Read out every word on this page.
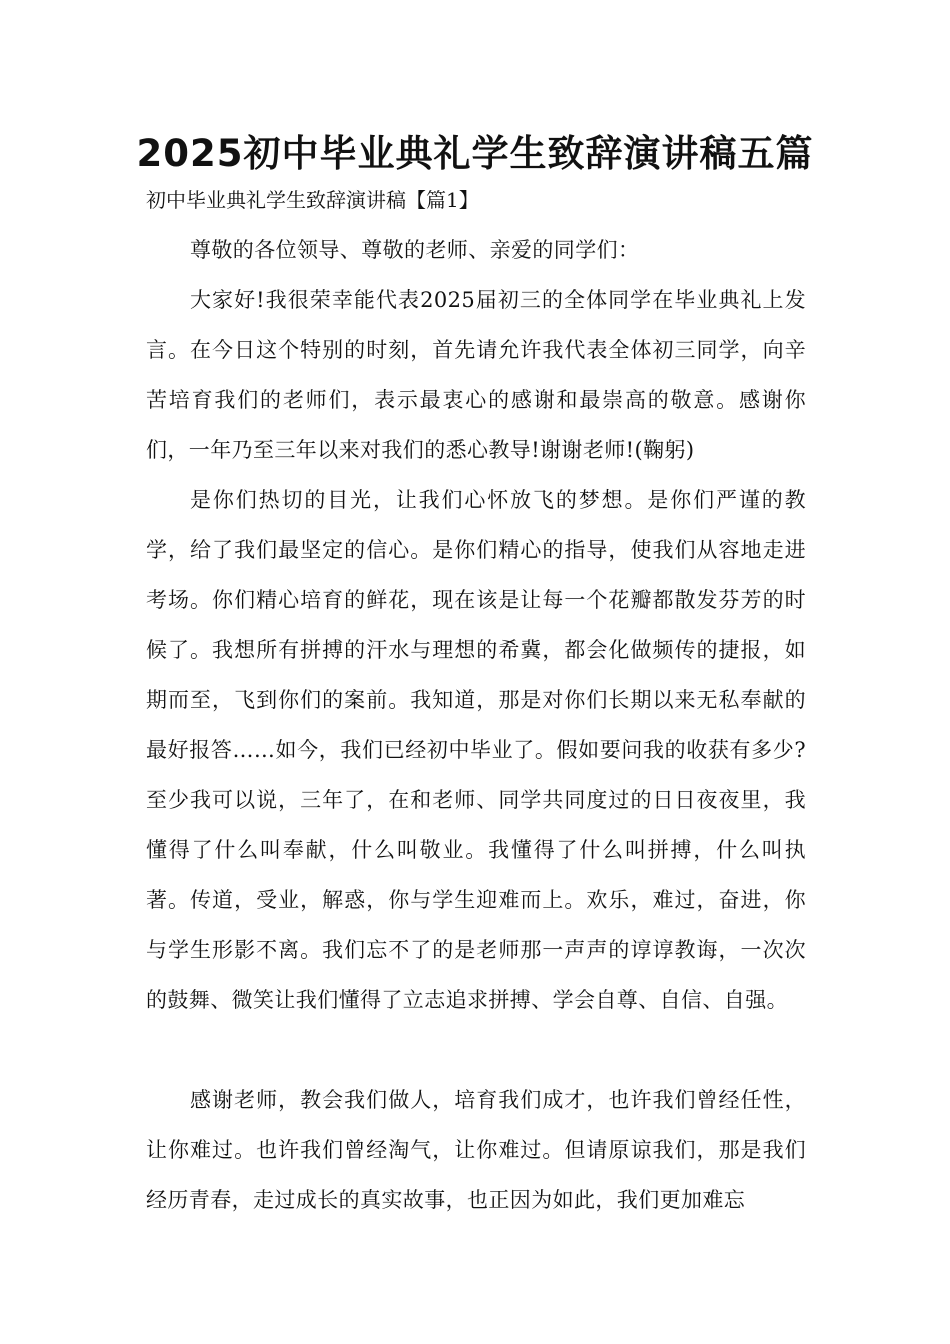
2025初中毕业典礼学生致辞演讲稿五篇

初中毕业典礼学生致辞演讲稿【篇1】

尊敬的各位领导、尊敬的老师、亲爱的同学们：

大家好!我很荣幸能代表2025届初三的全体同学在毕业典礼上发言。在今日这个特别的时刻，首先请允许我代表全体初三同学，向辛苦培育我们的老师们，表示最衷心的感谢和最崇高的敬意。感谢你们，一年乃至三年以来对我们的悉心教导!谢谢老师!(鞠躬)

是你们热切的目光，让我们心怀放飞的梦想。是你们严谨的教学，给了我们最坚定的信心。是你们精心的指导，使我们从容地走进考场。你们精心培育的鲜花，现在该是让每一个花瓣都散发芬芳的时候了。我想所有拼搏的汗水与理想的希冀，都会化做频传的捷报，如期而至，飞到你们的案前。我知道，那是对你们长期以来无私奉献的最好报答……如今，我们已经初中毕业了。假如要问我的收获有多少?至少我可以说，三年了，在和老师、同学共同度过的日日夜夜里，我懂得了什么叫奉献，什么叫敬业。我懂得了什么叫拼搏，什么叫执著。传道，受业，解惑，你与学生迎难而上。欢乐，难过，奋进，你与学生形影不离。我们忘不了的是老师那一声声的谆谆教诲，一次次的鼓舞、微笑让我们懂得了立志追求拼搏、学会自尊、自信、自强。

感谢老师，教会我们做人，培育我们成才，也许我们曾经任性，让你难过。也许我们曾经淘气，让你难过。但请原谅我们，那是我们经历青春，走过成长的真实故事，也正因为如此，我们更加难忘
